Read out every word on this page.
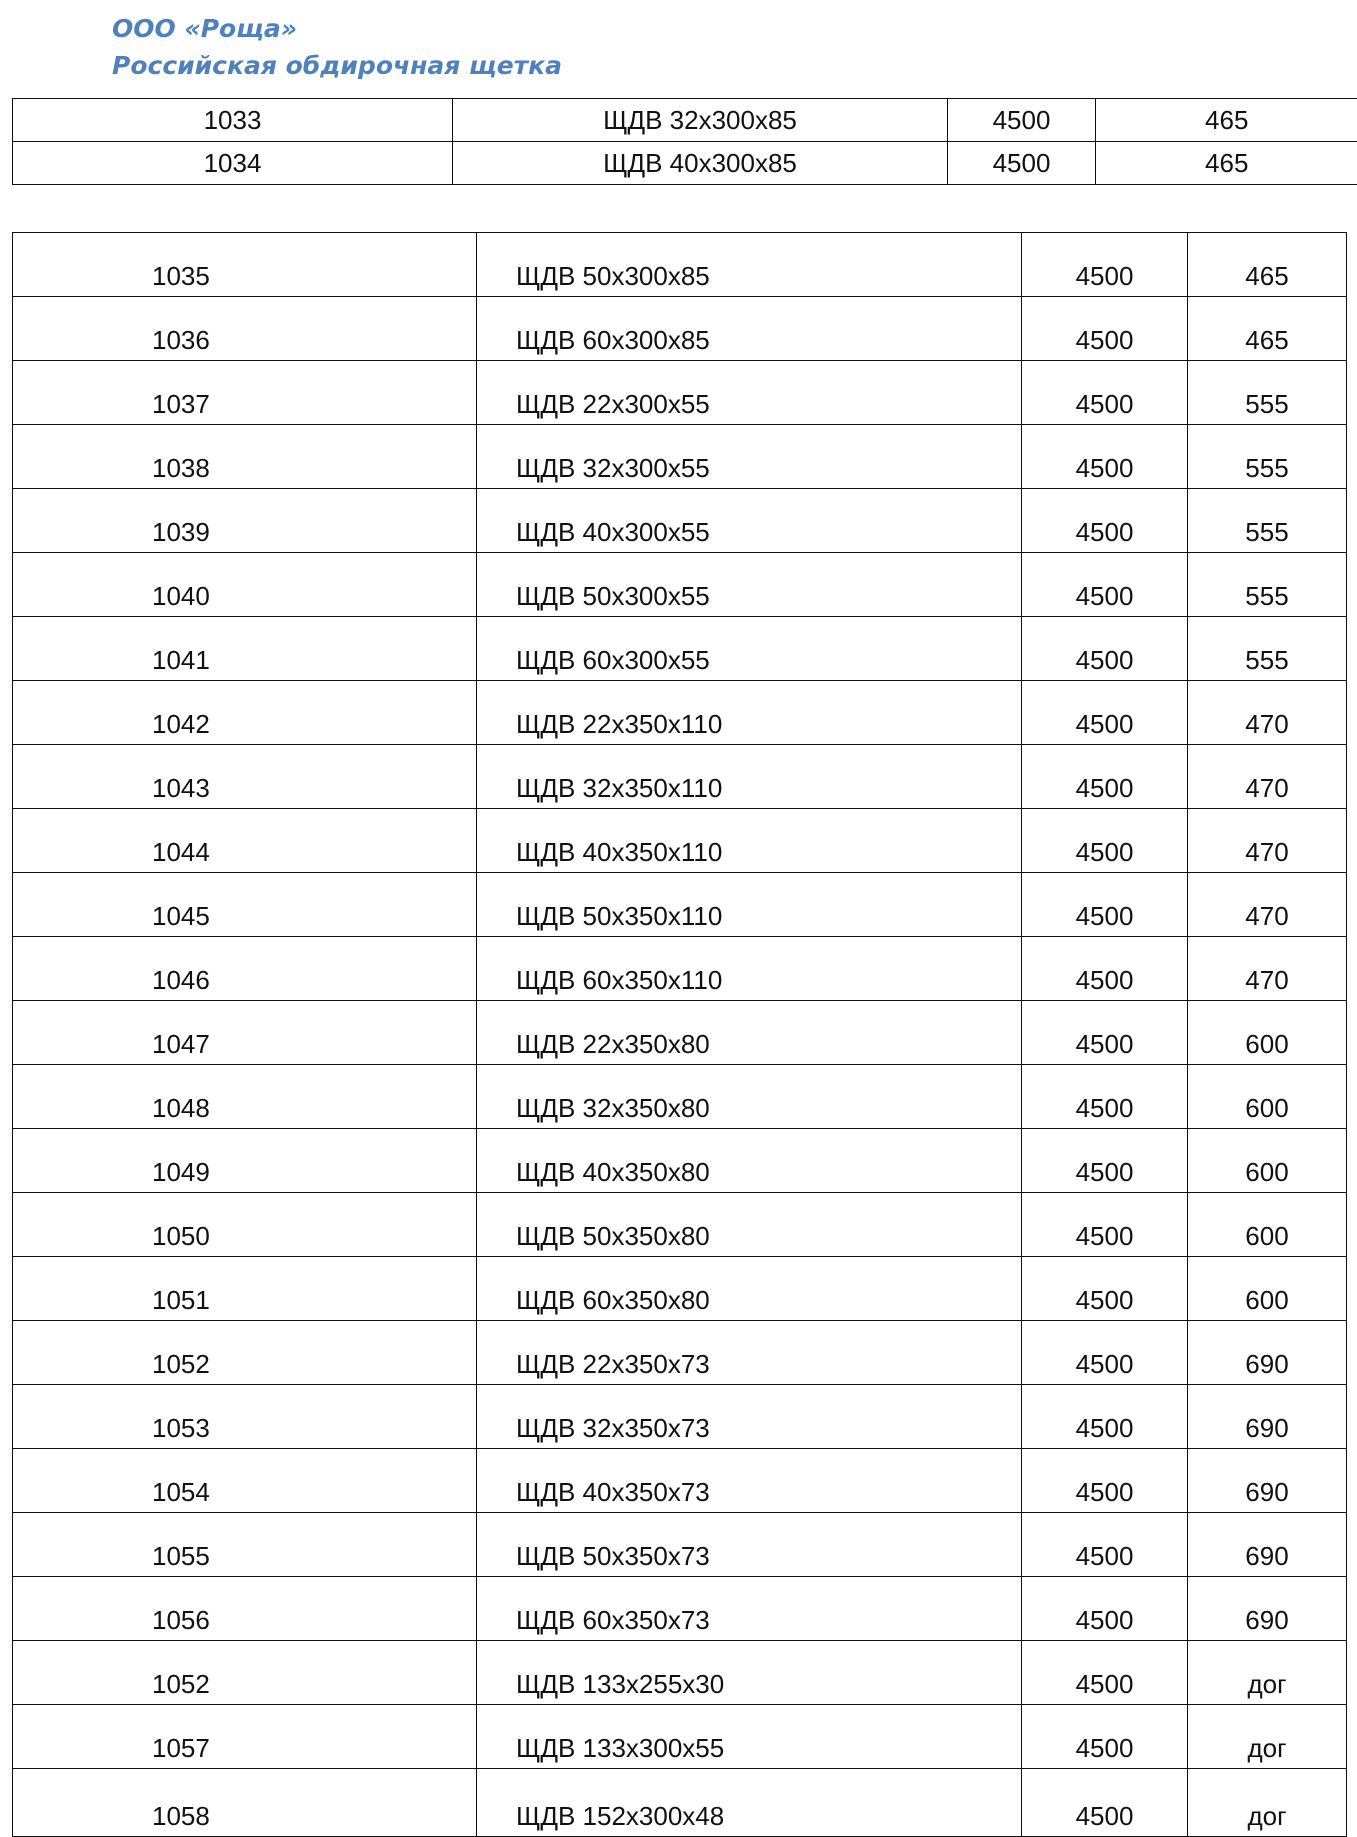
ООО «Роща»
Российская обдирочная щетка
1033	ЩДВ 32х300х85	4500	465
1034	ЩДВ 40х300х85	4500	465
1035	ЩДВ 50х300х85	4500	465
1036	ЩДВ 60х300х85	4500	465
1037	ЩДВ 22х300х55	4500	555
1038	ЩДВ 32х300х55	4500	555
1039	ЩДВ 40х300х55	4500	555
1040	ЩДВ 50х300х55	4500	555
1041	ЩДВ 60х300х55	4500	555
1042	ЩДВ 22х350х110	4500	470
1043	ЩДВ 32х350х110	4500	470
1044	ЩДВ 40х350х110	4500	470
1045	ЩДВ 50х350х110	4500	470
1046	ЩДВ 60х350х110	4500	470
1047	ЩДВ 22х350х80	4500	600
1048	ЩДВ 32х350х80	4500	600
1049	ЩДВ 40х350х80	4500	600
1050	ЩДВ 50х350х80	4500	600
1051	ЩДВ 60х350х80	4500	600
1052	ЩДВ 22х350х73	4500	690
1053	ЩДВ 32х350х73	4500	690
1054	ЩДВ 40х350х73	4500	690
1055	ЩДВ 50х350х73	4500	690
1056	ЩДВ 60х350х73	4500	690
1052	ЩДВ 133х255х30	4500	дог
1057	ЩДВ 133х300х55	4500	дог
1058	ЩДВ 152х300х48	4500	дог
